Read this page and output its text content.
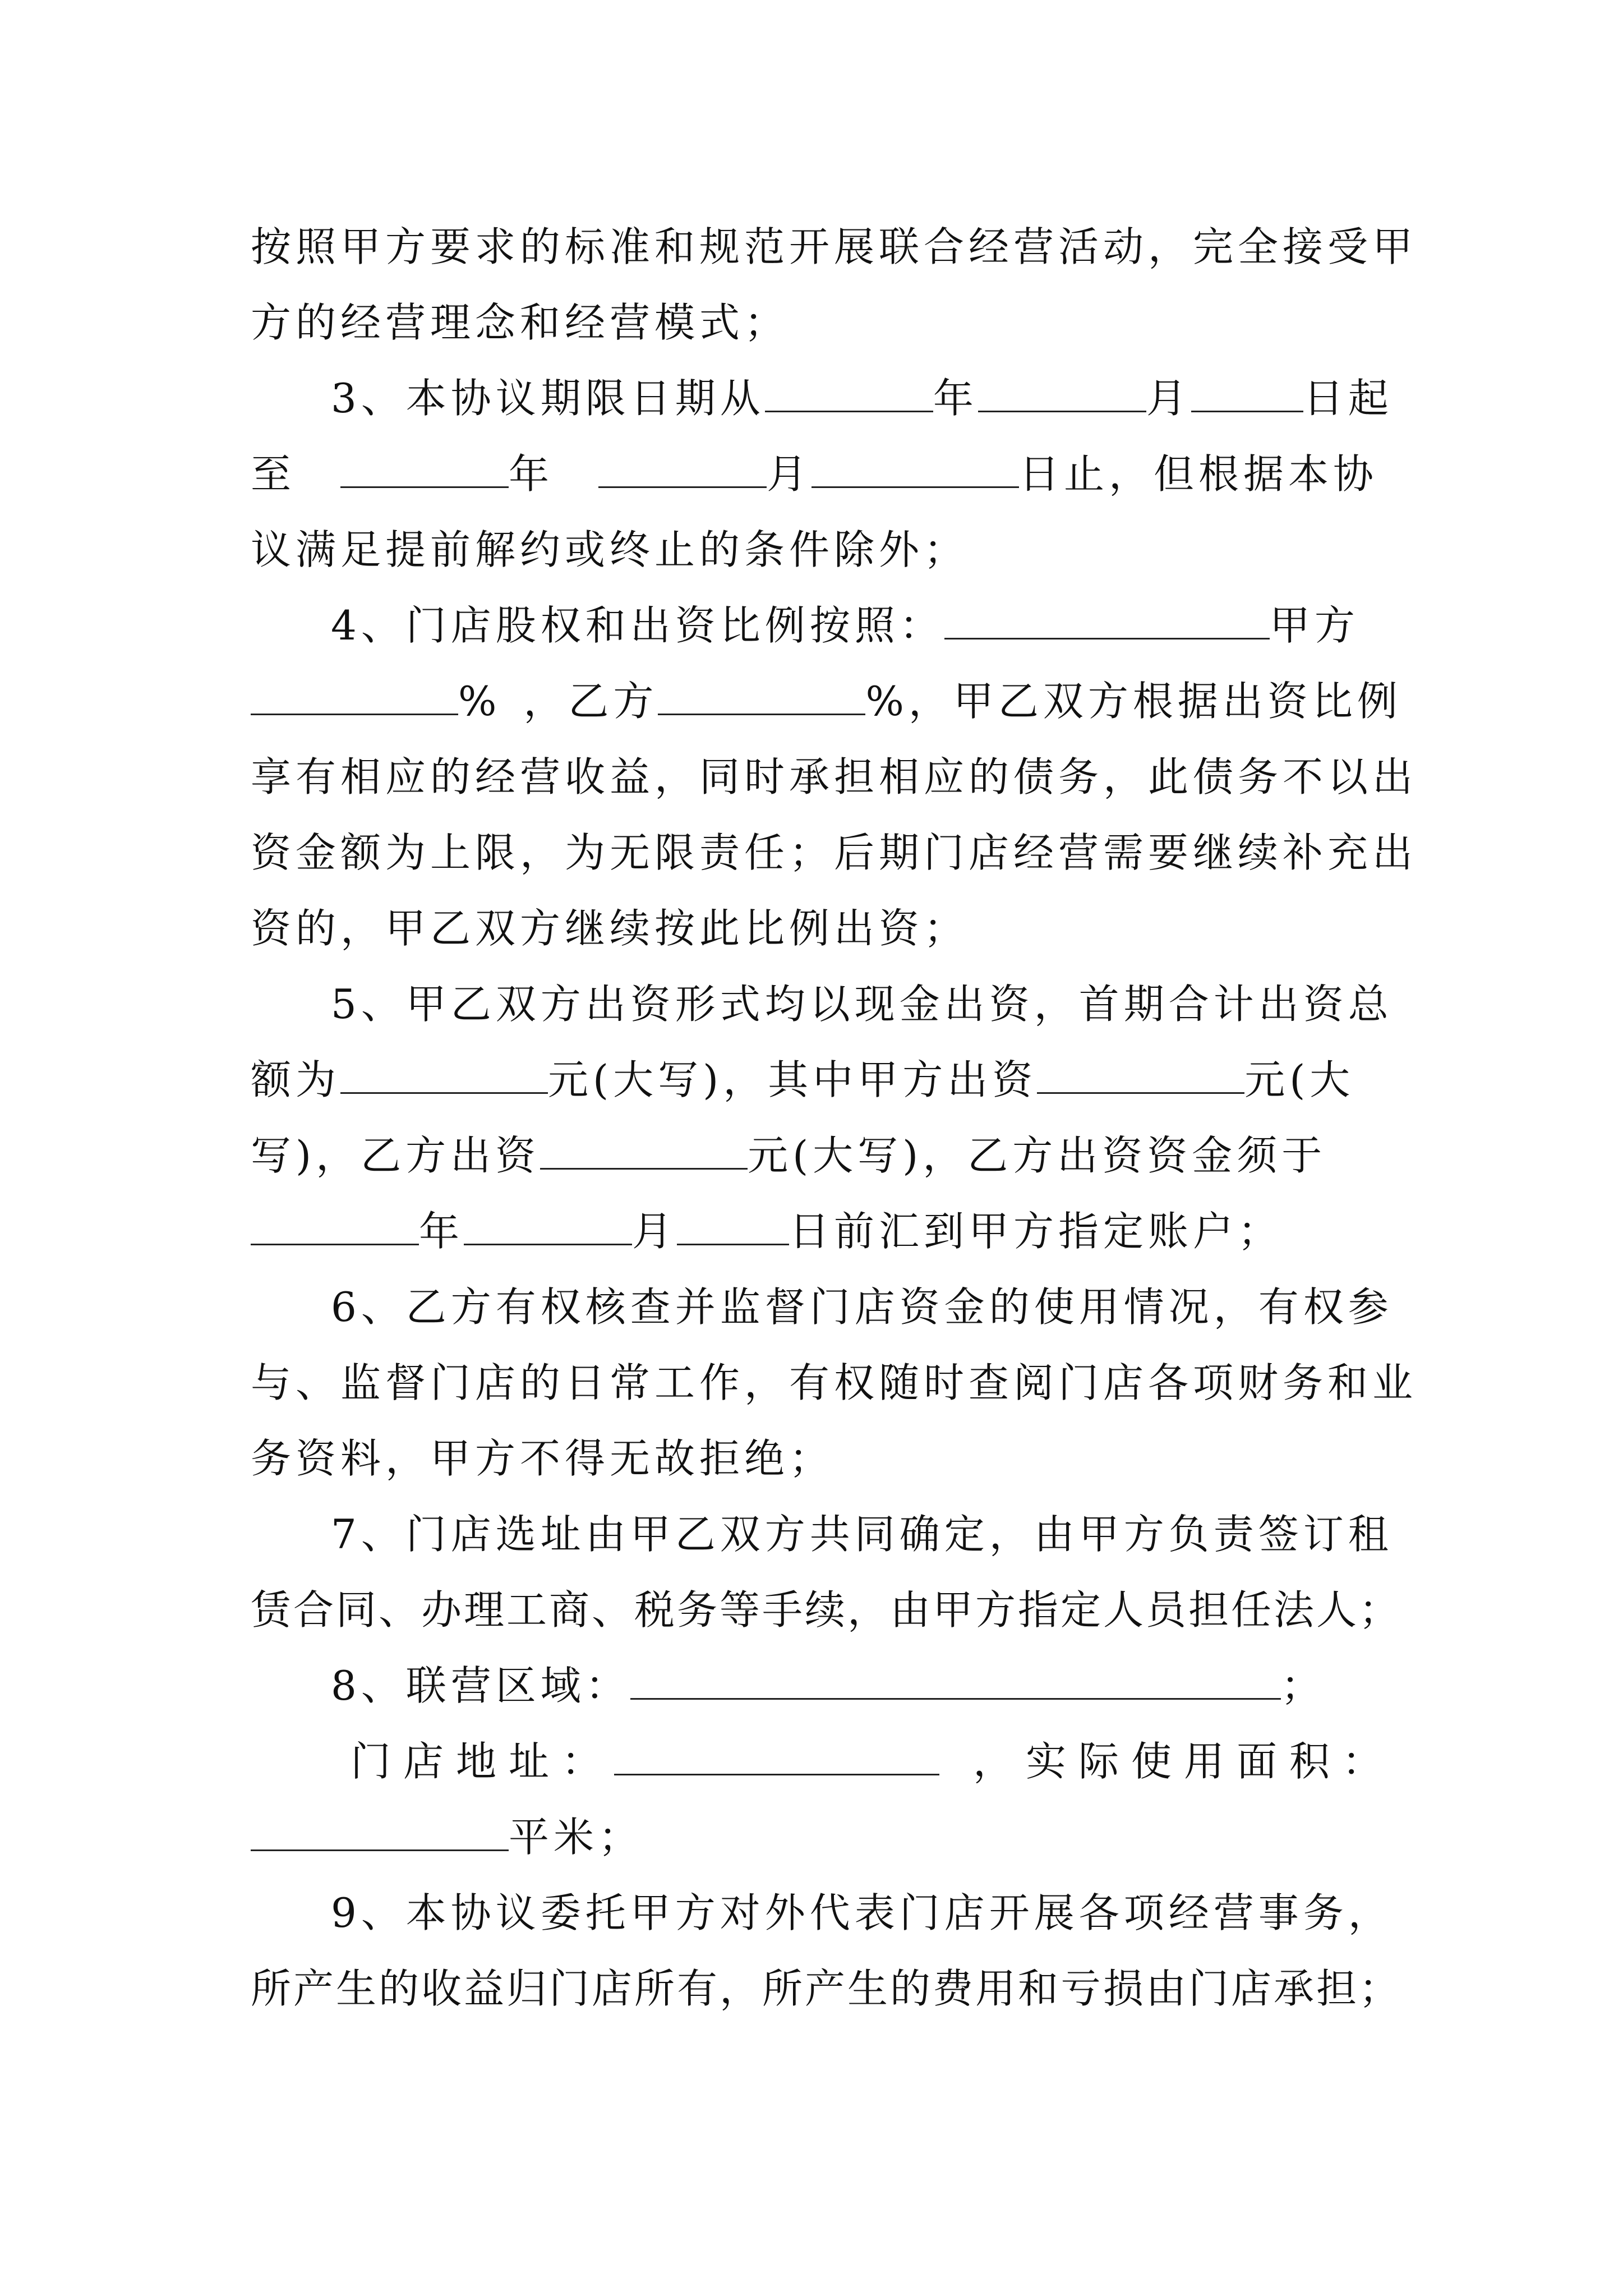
按照甲方要求的标准和规范开展联合经营活动，完全接受甲
方的经营理念和经营模式；
3、本协议期限日期从	年	月	日起
至	年	月	日止，但根据本协
议满足提前解约或终止的条件除外；
4、门店股权和出资比例按照：	甲方
% ，乙方	%，甲乙双方根据出资比例
享有相应的经营收益，同时承担相应的债务，此债务不以出
资金额为上限，为无限责任；后期门店经营需要继续补充出
资的，甲乙双方继续按此比例出资；
5、甲乙双方出资形式均以现金出资，首期合计出资总
额为	元(大写)，其中甲方出资	元(大
写)，乙方出资	元(大写)，乙方出资资金须于
年	月	日前汇到甲方指定账户；
6、乙方有权核查并监督门店资金的使用情况，有权参
与、监督门店的日常工作，有权随时查阅门店各项财务和业
务资料，甲方不得无故拒绝；
7、门店选址由甲乙双方共同确定，由甲方负责签订租
赁合同、办理工商、税务等手续，由甲方指定人员担任法人；
8、联营区域：	；
门店地址：	，实际使用面积：
平米；
9、本协议委托甲方对外代表门店开展各项经营事务，
所产生的收益归门店所有，所产生的费用和亏损由门店承担；
